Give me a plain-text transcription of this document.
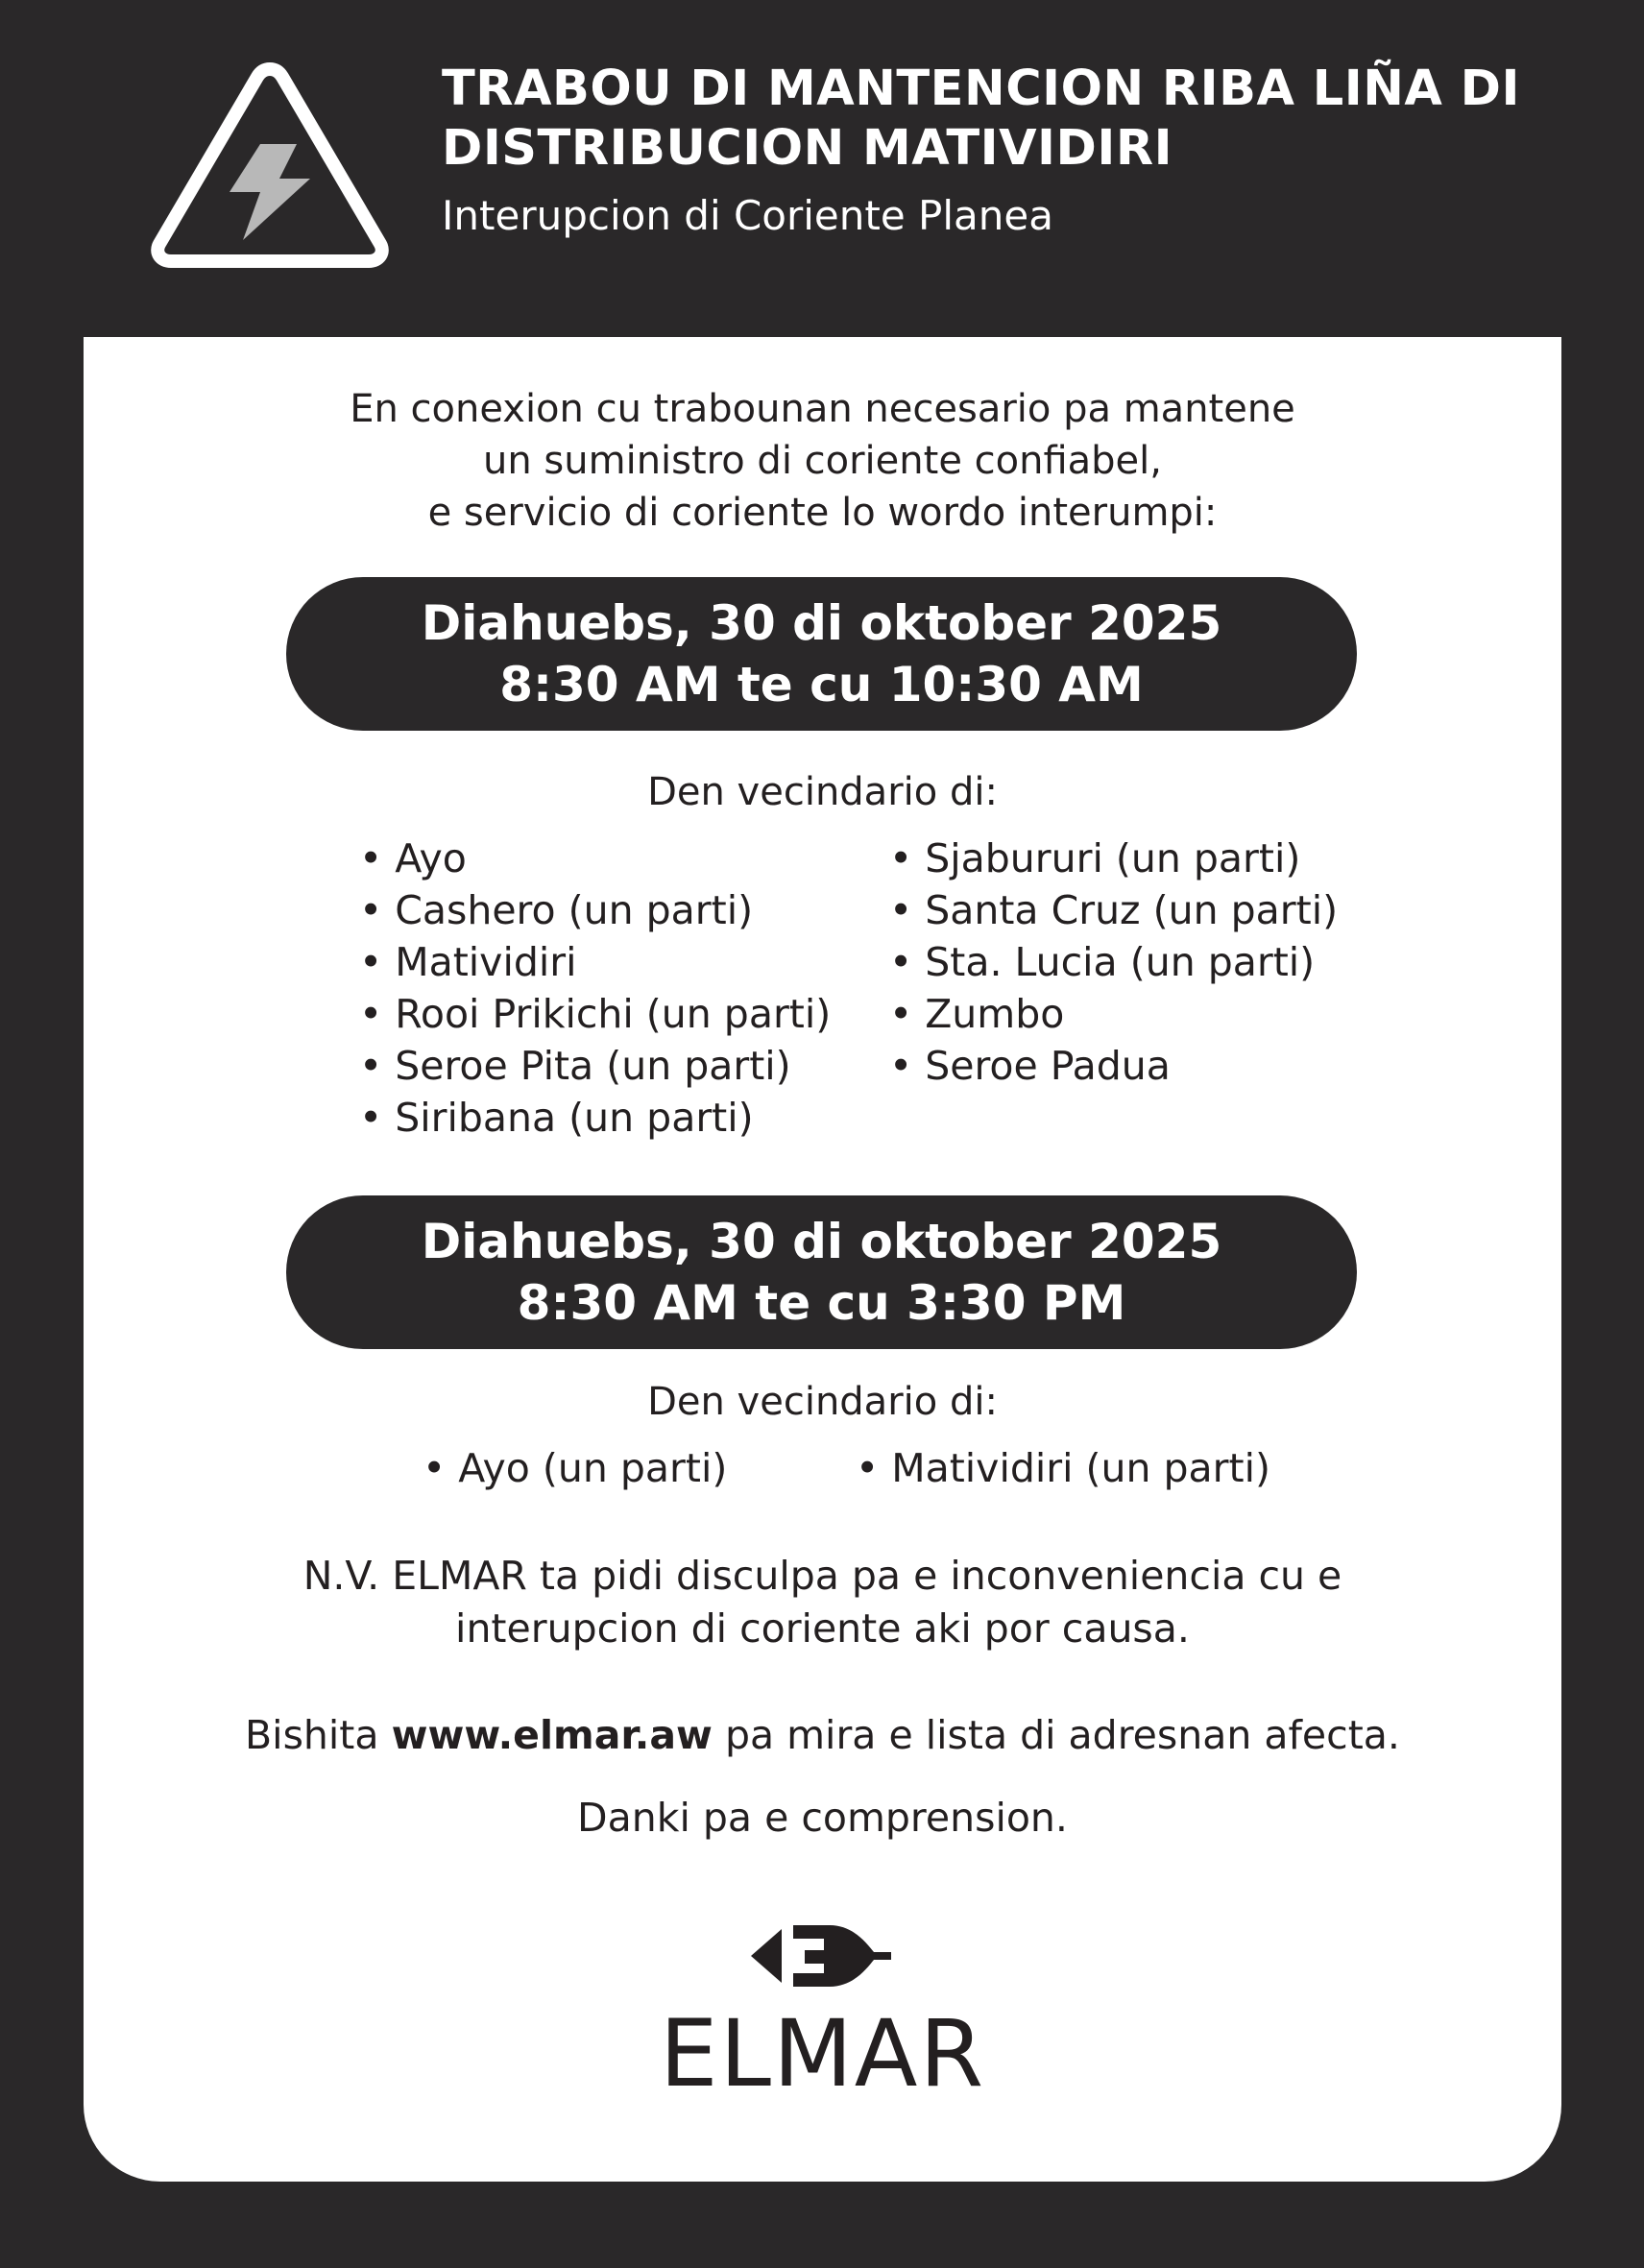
TRABOU DI MANTENCION RIBA LIÑA DI
DISTRIBUCION MATIVIDIRI

Interupcion di Coriente Planea

En conexion cu trabounan necesario pa mantene
un suministro di coriente confiabel,
e servicio di coriente lo wordo interumpi:

Diahuebs, 30 di oktober 2025
8:30 AM te cu 10:30 AM

Den vecindario di:

• Ayo
• Cashero (un parti)
• Matividiri
• Rooi Prikichi (un parti)
• Seroe Pita (un parti)
• Siribana (un parti)
• Sjabururi (un parti)
• Santa Cruz (un parti)
• Sta. Lucia (un parti)
• Zumbo
• Seroe Padua
Diahuebs, 30 di oktober 2025
8:30 AM te cu 3:30 PM

Den vecindario di:

• Ayo (un parti)
•	Matividiri (un parti)

N.V. ELMAR ta pidi disculpa pa e inconveniencia cu e
interupcion di coriente aki por causa.

Bishita www.elmar.aw pa mira e lista di adresnan afecta.

Danki pa e comprension.

ELMAR
